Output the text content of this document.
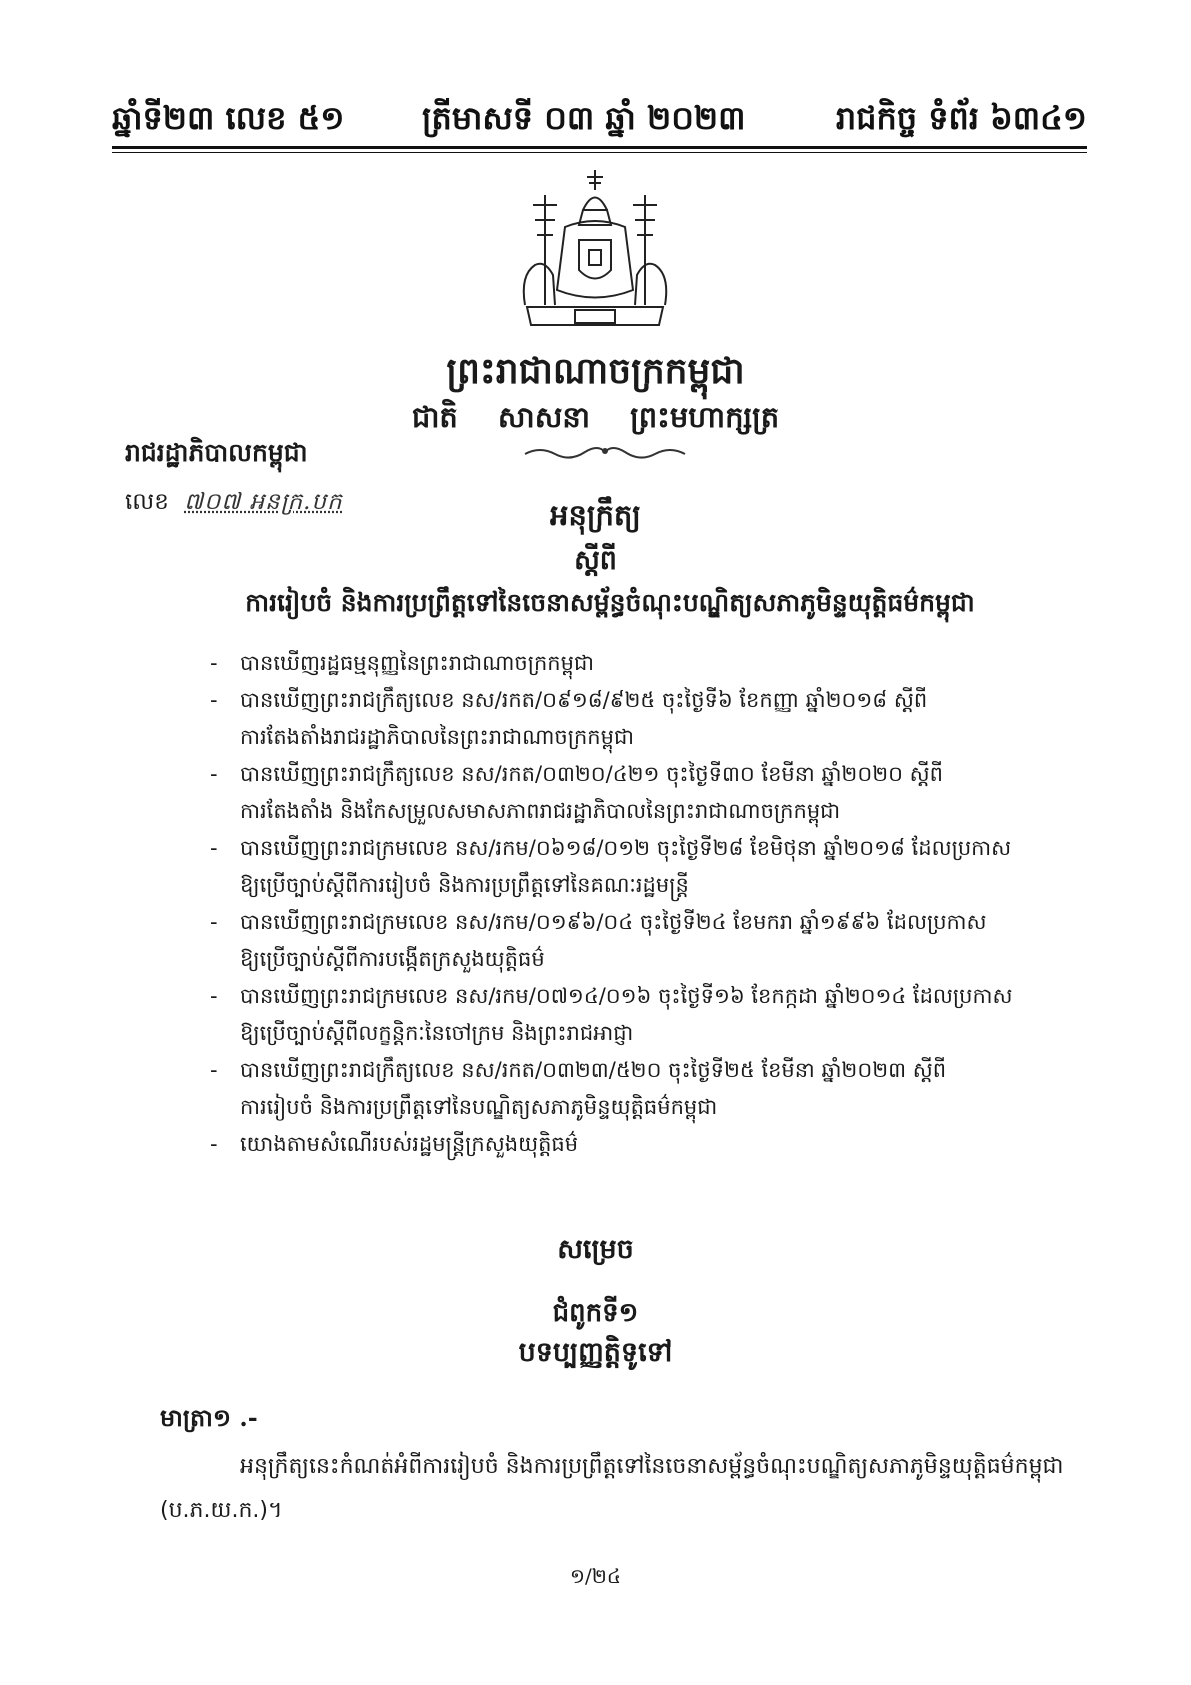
ឆ្នាំទី២៣ លេខ ៥១ ត្រីមាសទី ០៣ ឆ្នាំ ២០២៣	រាជកិច្ច ទំព័រ ៦៣៤១
ព្រះរាជាណាចក្រកម្ពុជា
ជាតិ សាសនា ព្រះមហាក្សត្រ
រាជរដ្ឋាភិបាលកម្ពុជា
លេខ ៧០៧ អនក្រ.បក	អនុក្រឹត្យ
ស្តីពី
ការរៀបចំ និងការប្រព្រឹត្តទៅនៃចេនាសម្ព័ន្ធចំណុះបណ្ឌិត្យសភាភូមិន្ទយុត្តិធម៌កម្ពុជា
- បានឃើញរដ្ឋធម្មនុញ្ញនៃព្រះរាជាណាចក្រកម្ពុជា
- បានឃើញព្រះរាជក្រឹត្យលេខ នស/រកត/០៩១៨/៩២៥ ចុះថ្ងៃទី៦ ខែកញ្ញា ឆ្នាំ២០១៨ ស្តីពី
ការតែងតាំងរាជរដ្ឋាភិបាលនៃព្រះរាជាណាចក្រកម្ពុជា
- បានឃើញព្រះរាជក្រឹត្យលេខ នស/រកត/០៣២០/៤២១ ចុះថ្ងៃទី៣០ ខែមីនា ឆ្នាំ២០២០ ស្តីពី
ការតែងតាំង និងកែសម្រួលសមាសភាពរាជរដ្ឋាភិបាលនៃព្រះរាជាណាចក្រកម្ពុជា
- បានឃើញព្រះរាជក្រមលេខ នស/រកម/០៦១៨/០១២ ចុះថ្ងៃទី២៨ ខែមិថុនា ឆ្នាំ២០១៨ ដែលប្រកាស
ឱ្យប្រើច្បាប់ស្តីពីការរៀបចំ និងការប្រព្រឹត្តទៅនៃគណៈរដ្ឋមន្ត្រី
- បានឃើញព្រះរាជក្រមលេខ នស/រកម/០១៩៦/០៤ ចុះថ្ងៃទី២៤ ខែមករា ឆ្នាំ១៩៩៦ ដែលប្រកាស
ឱ្យប្រើច្បាប់ស្តីពីការបង្កើតក្រសួងយុត្តិធម៌
- បានឃើញព្រះរាជក្រមលេខ នស/រកម/០៧១៤/០១៦ ចុះថ្ងៃទី១៦ ខែកក្កដា ឆ្នាំ២០១៤ ដែលប្រកាស
ឱ្យប្រើច្បាប់ស្តីពីលក្ខន្តិកៈនៃចៅក្រម និងព្រះរាជអាជ្ញា
- បានឃើញព្រះរាជក្រឹត្យលេខ នស/រកត/០៣២៣/៥២០ ចុះថ្ងៃទី២៥ ខែមីនា ឆ្នាំ២០២៣ ស្តីពី
ការរៀបចំ និងការប្រព្រឹត្តទៅនៃបណ្ឌិត្យសភាភូមិន្ទយុត្តិធម៌កម្ពុជា
- យោងតាមសំណើរបស់រដ្ឋមន្ត្រីក្រសួងយុត្តិធម៌
សម្រេច
ជំពូកទី១
បទប្បញ្ញត្តិទូទៅ
មាត្រា១ .-
អនុក្រឹត្យនេះកំណត់អំពីការរៀបចំ និងការប្រព្រឹត្តទៅនៃចេនាសម្ព័ន្ធចំណុះបណ្ឌិត្យសភាភូមិន្ទយុត្តិធម៌កម្ពុជា (ប.ភ.យ.ក.)។
១/២៤
